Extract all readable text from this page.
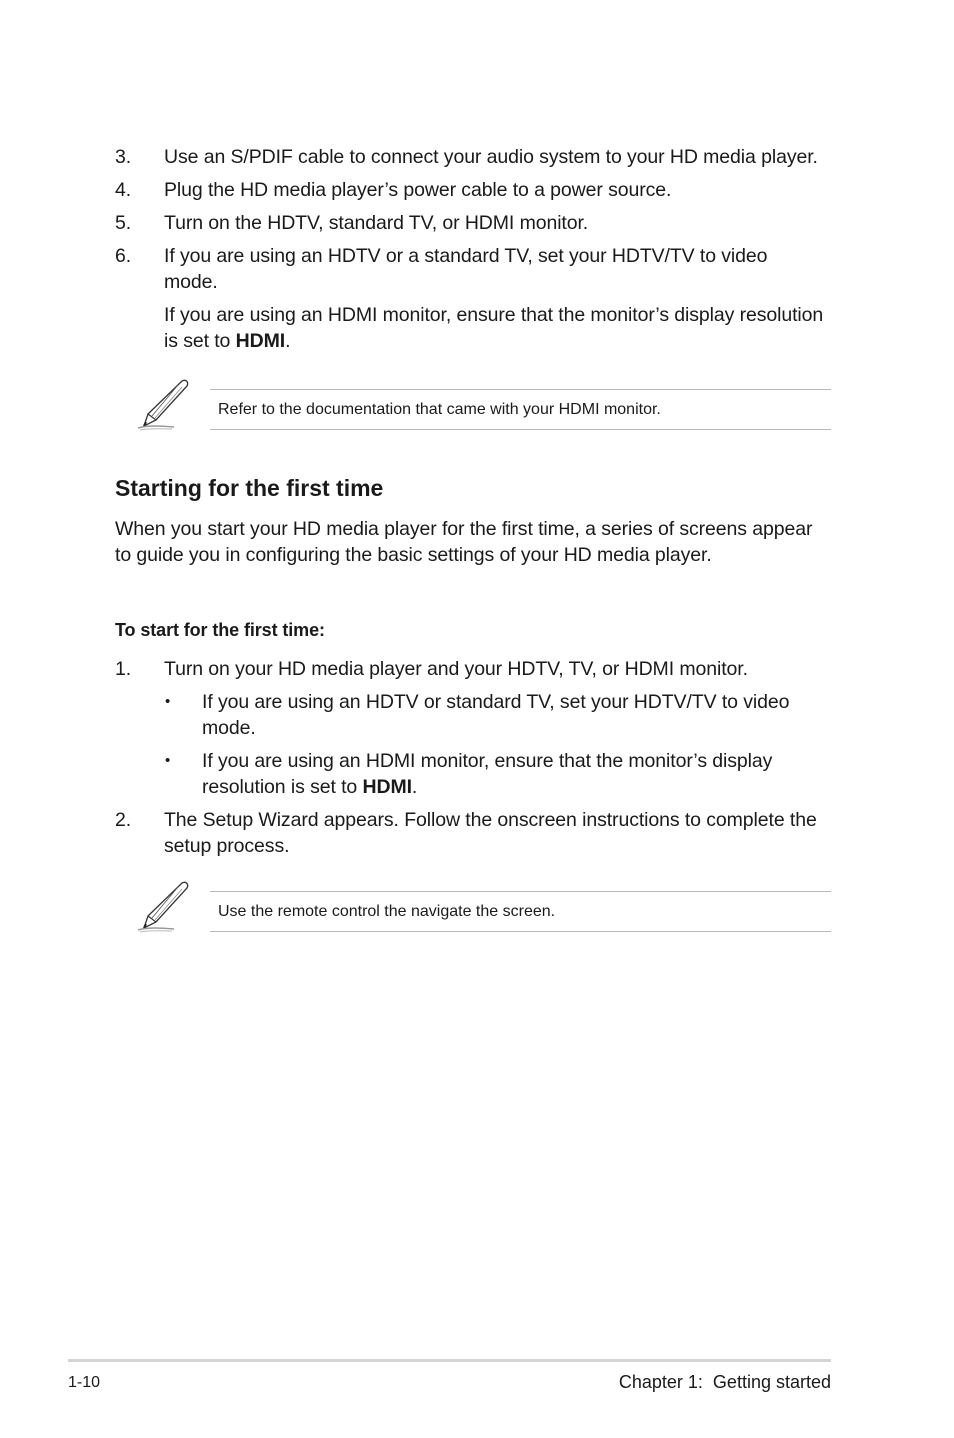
3.	Use an S/PDIF cable to connect your audio system to your HD media player.
4.	Plug the HD media player’s power cable to a power source.
5.	Turn on the HDTV, standard TV, or HDMI monitor.
6.	If you are using an HDTV or a standard TV, set your HDTV/TV to video
mode.
If you are using an HDMI monitor, ensure that the monitor’s display resolution
is set to HDMI.
Refer to the documentation that came with your HDMI monitor.
Starting for the first time
When you start your HD media player for the first time, a series of screens appear
to guide you in configuring the basic settings of your HD media player.
To start for the first time:
1.	Turn on your HD media player and your HDTV, TV, or HDMI monitor.
• If you are using an HDTV or standard TV, set your HDTV/TV to video
mode.
• If you are using an HDMI monitor, ensure that the monitor’s display
resolution is set to HDMI.
2.	The Setup Wizard appears. Follow the onscreen instructions to complete the
setup process.
Use the remote control the navigate the screen.
1-10	Chapter 1:  Getting started
